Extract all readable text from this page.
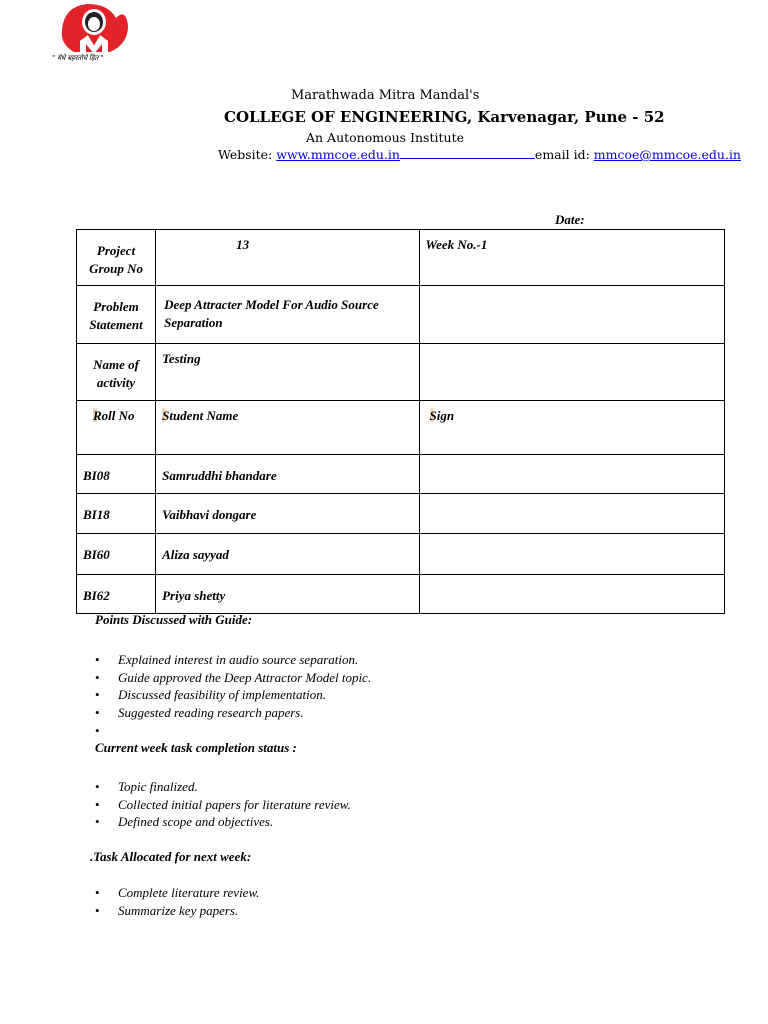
" येथे बहरतोचे हित "
Marathwada Mitra Mandal's
COLLEGE OF ENGINEERING, Karvenagar, Pune - 52
An Autonomous Institute
Website: www.mmcoe.edu.in	email id: mmcoe@mmcoe.edu.in
Date:
Project Group No	13	Week No.-1

Problem Statement	Deep Attracter Model For Audio Source Separation	

Name of activity	Testing	

Roll No	Student Name	Sign

BI08	Samruddhi bhandare	

BI18	Vaibhavi dongare	

BI60	Aliza sayyad	

BI62	Priya shetty	

Points Discussed with Guide:
• Explained interest in audio source separation.
• Guide approved the Deep Attractor Model topic.
• Discussed feasibility of implementation.
• Suggested reading research papers.
•
Current week task completion status :
• Topic finalized.
• Collected initial papers for literature review.
• Defined scope and objectives.
.Task Allocated for next week:
• Complete literature review.
• Summarize key papers.
